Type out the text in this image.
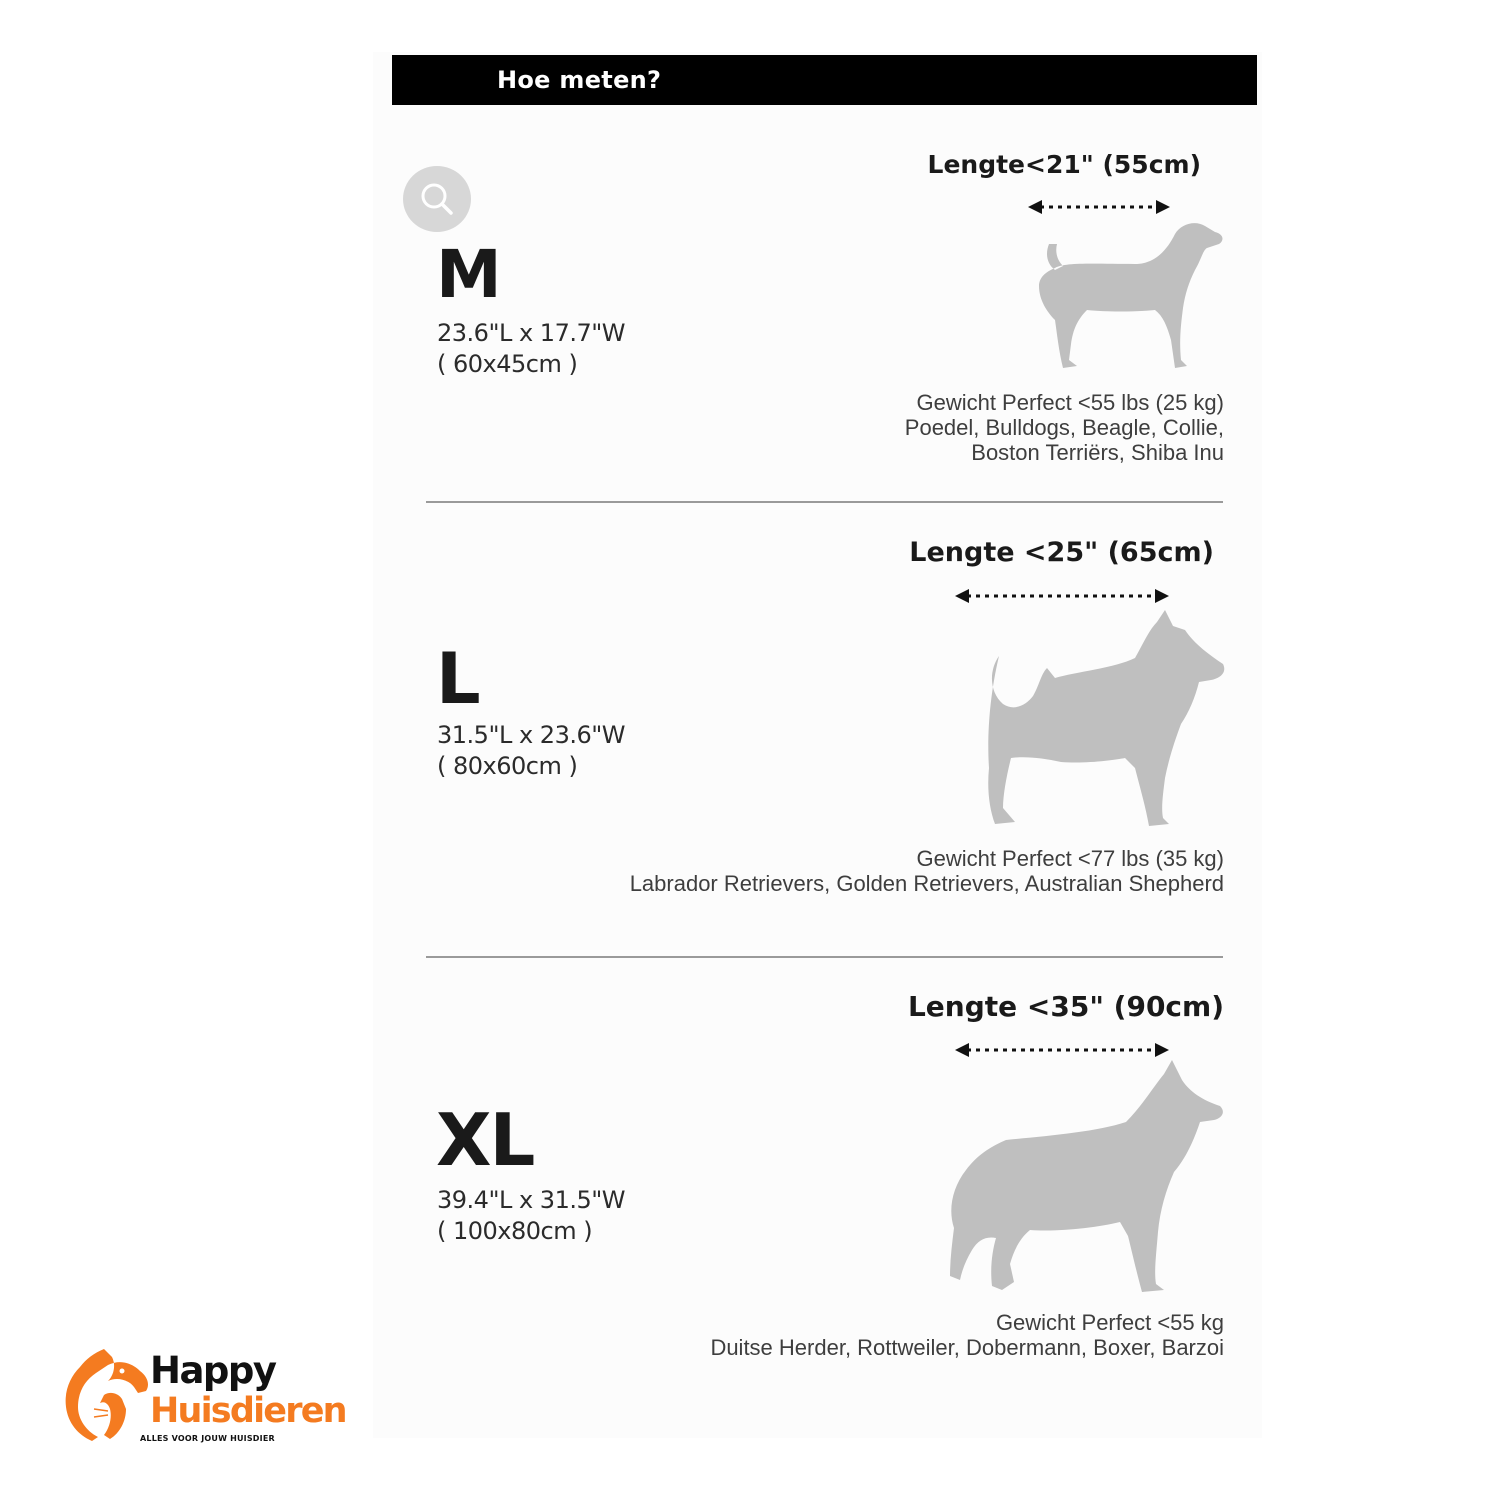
Hoe meten?
M
23.6"L x 17.7"W
( 60x45cm )
Lengte<21" (55cm)
Gewicht Perfect <55 lbs (25 kg)
Poedel, Bulldogs, Beagle, Collie,
Boston Terriërs, Shiba Inu
L
31.5"L x 23.6"W
( 80x60cm )
Lengte <25" (65cm)
Gewicht Perfect <77 lbs (35 kg)
Labrador Retrievers, Golden Retrievers, Australian Shepherd
XL
39.4"L x 31.5"W
( 100x80cm )
Lengte <35" (90cm)
Gewicht Perfect <55 kg
Duitse Herder, Rottweiler, Dobermann, Boxer, Barzoi
Happy
Huisdieren
ALLES VOOR JOUW HUISDIER
